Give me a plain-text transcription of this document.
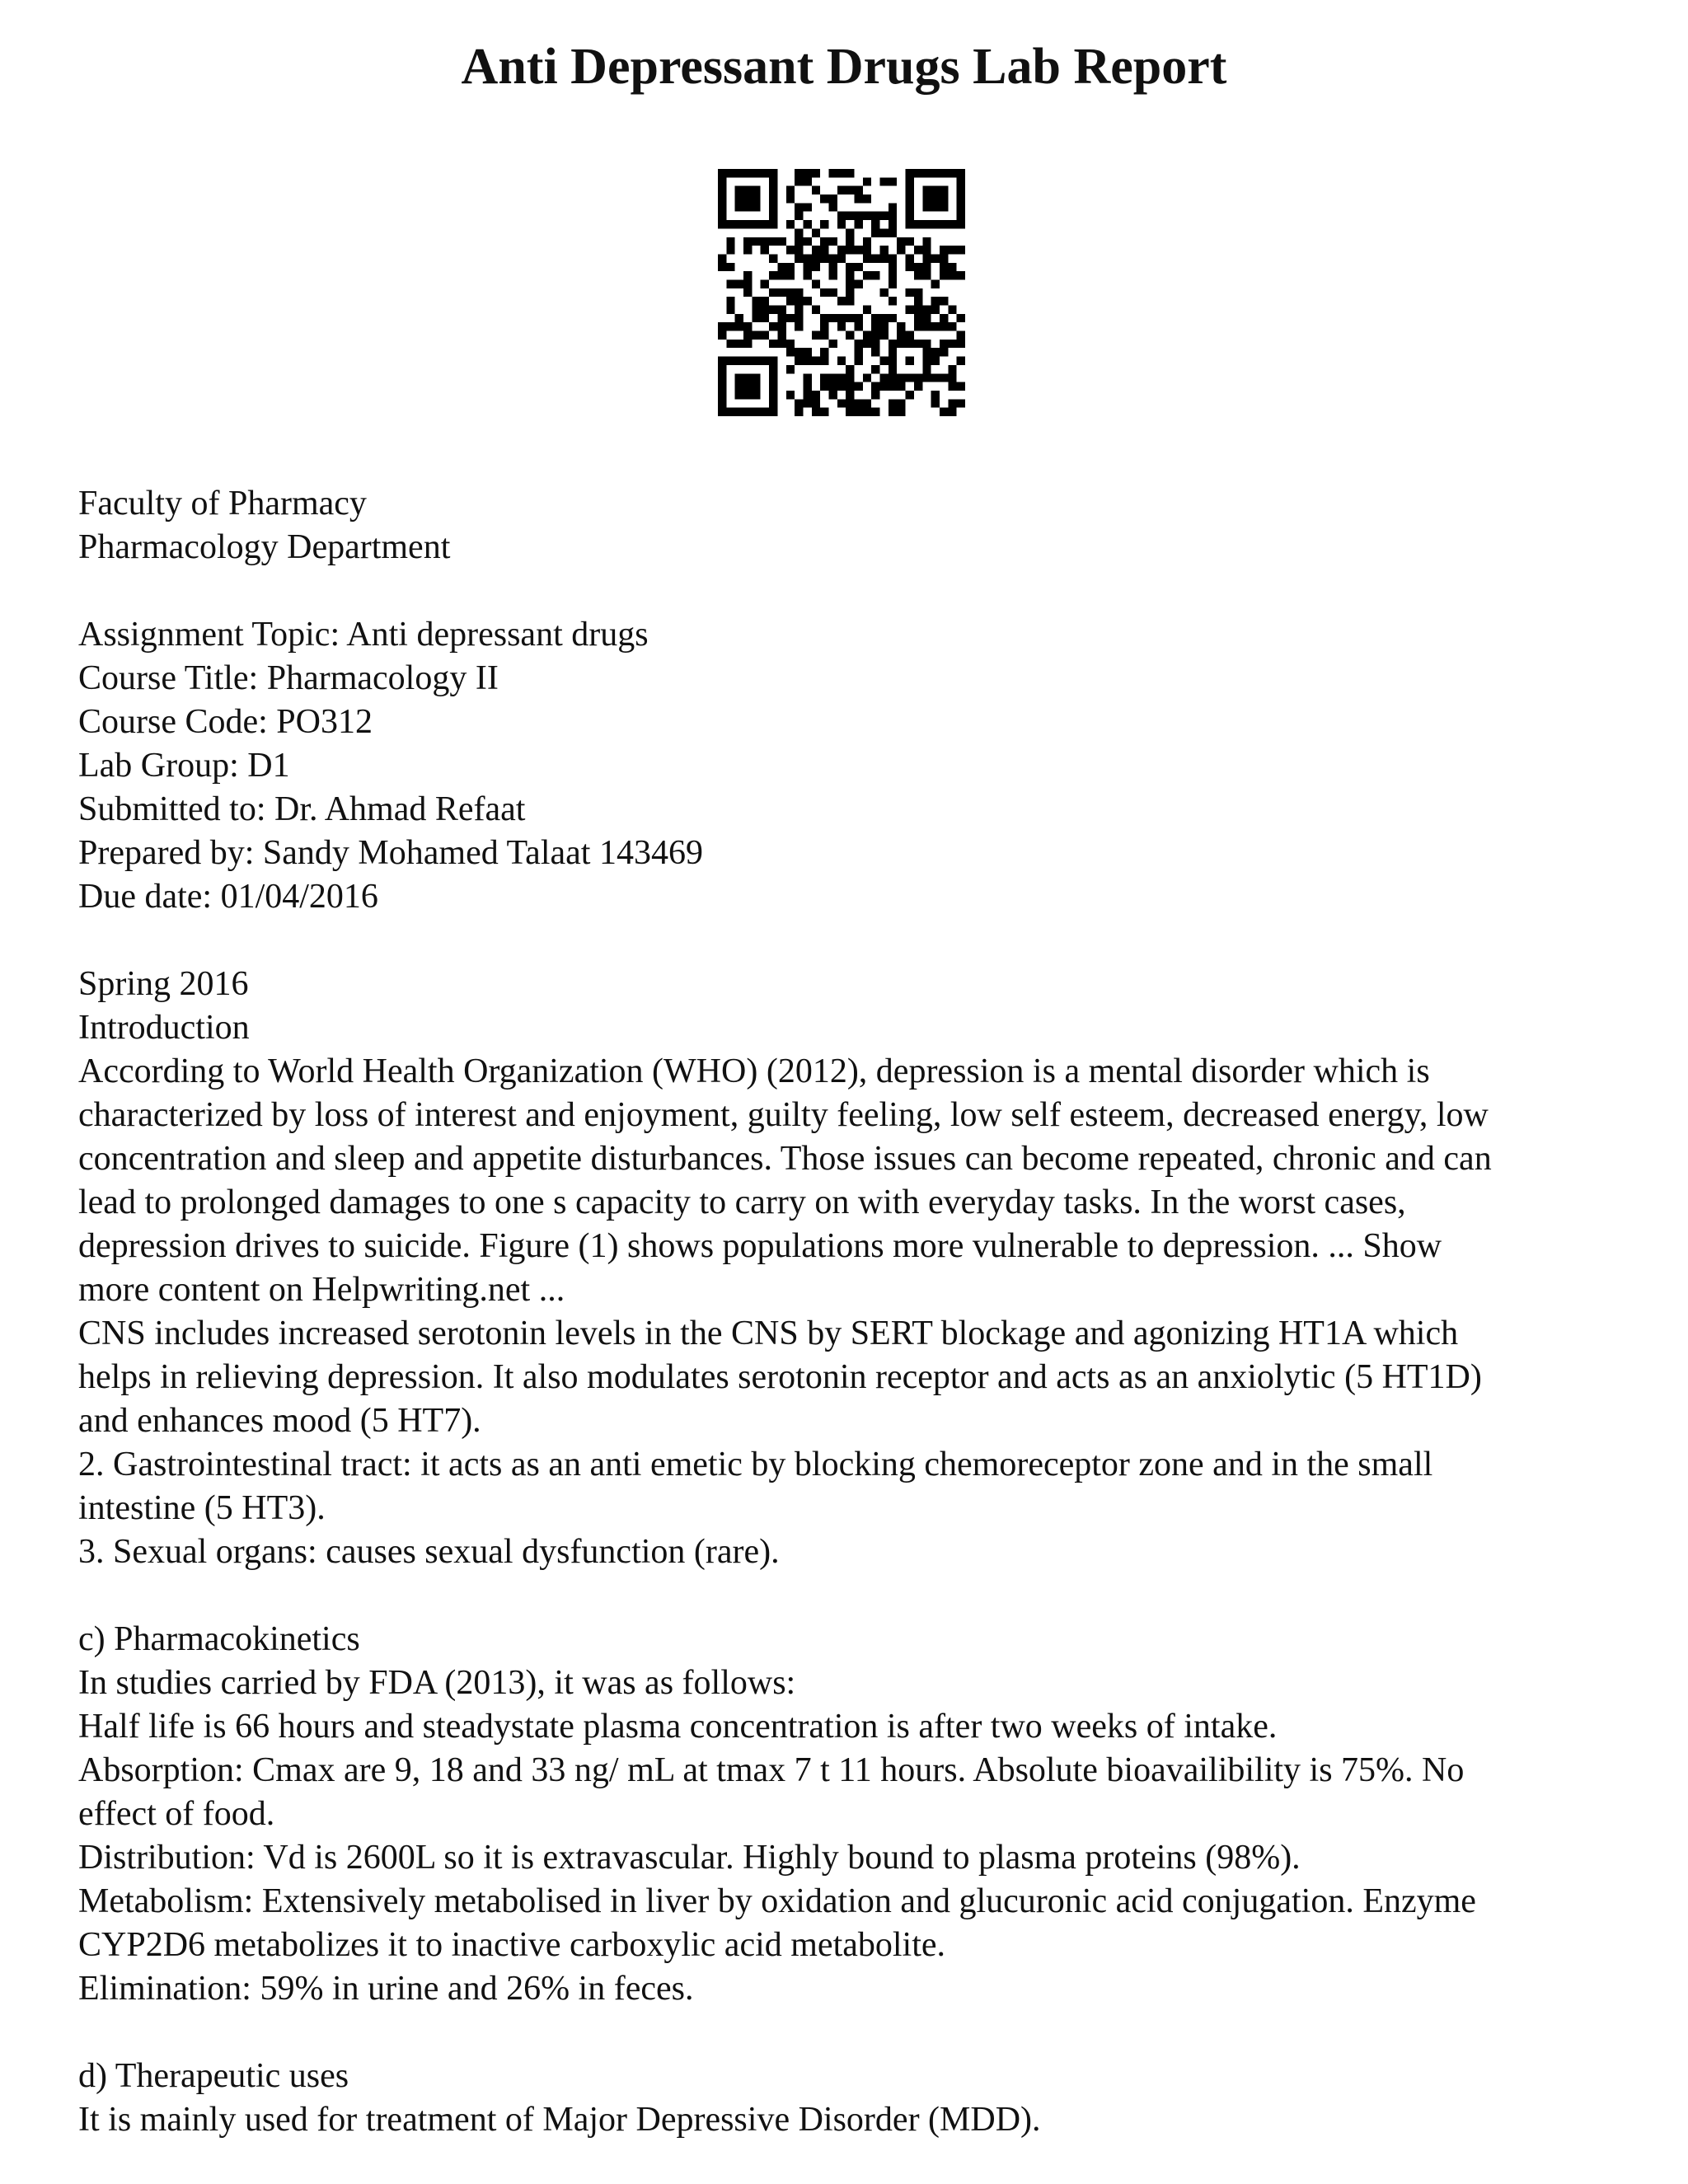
Anti Depressant Drugs Lab Report
Faculty of Pharmacy
Pharmacology Department
Assignment Topic: Anti depressant drugs
Course Title: Pharmacology II
Course Code: PO312
Lab Group: D1
Submitted to: Dr. Ahmad Refaat
Prepared by: Sandy Mohamed Talaat 143469
Due date: 01/04/2016
Spring 2016
Introduction
According to World Health Organization (WHO) (2012), depression is a mental disorder which is
characterized by loss of interest and enjoyment, guilty feeling, low self esteem, decreased energy, low
concentration and sleep and appetite disturbances. Those issues can become repeated, chronic and can
lead to prolonged damages to one s capacity to carry on with everyday tasks. In the worst cases,
depression drives to suicide. Figure (1) shows populations more vulnerable to depression. ... Show
more content on Helpwriting.net ...
CNS includes increased serotonin levels in the CNS by SERT blockage and agonizing HT1A which
helps in relieving depression. It also modulates serotonin receptor and acts as an anxiolytic (5 HT1D)
and enhances mood (5 HT7).
2. Gastrointestinal tract: it acts as an anti emetic by blocking chemoreceptor zone and in the small
intestine (5 HT3).
3. Sexual organs: causes sexual dysfunction (rare).
c) Pharmacokinetics
In studies carried by FDA (2013), it was as follows:
Half life is 66 hours and steadystate plasma concentration is after two weeks of intake.
Absorption: Cmax are 9, 18 and 33 ng/ mL at tmax 7 t 11 hours. Absolute bioavailibility is 75%. No
effect of food.
Distribution: Vd is 2600L so it is extravascular. Highly bound to plasma proteins (98%).
Metabolism: Extensively metabolised in liver by oxidation and glucuronic acid conjugation. Enzyme
CYP2D6 metabolizes it to inactive carboxylic acid metabolite.
Elimination: 59% in urine and 26% in feces.
d) Therapeutic uses
It is mainly used for treatment of Major Depressive Disorder (MDD).
